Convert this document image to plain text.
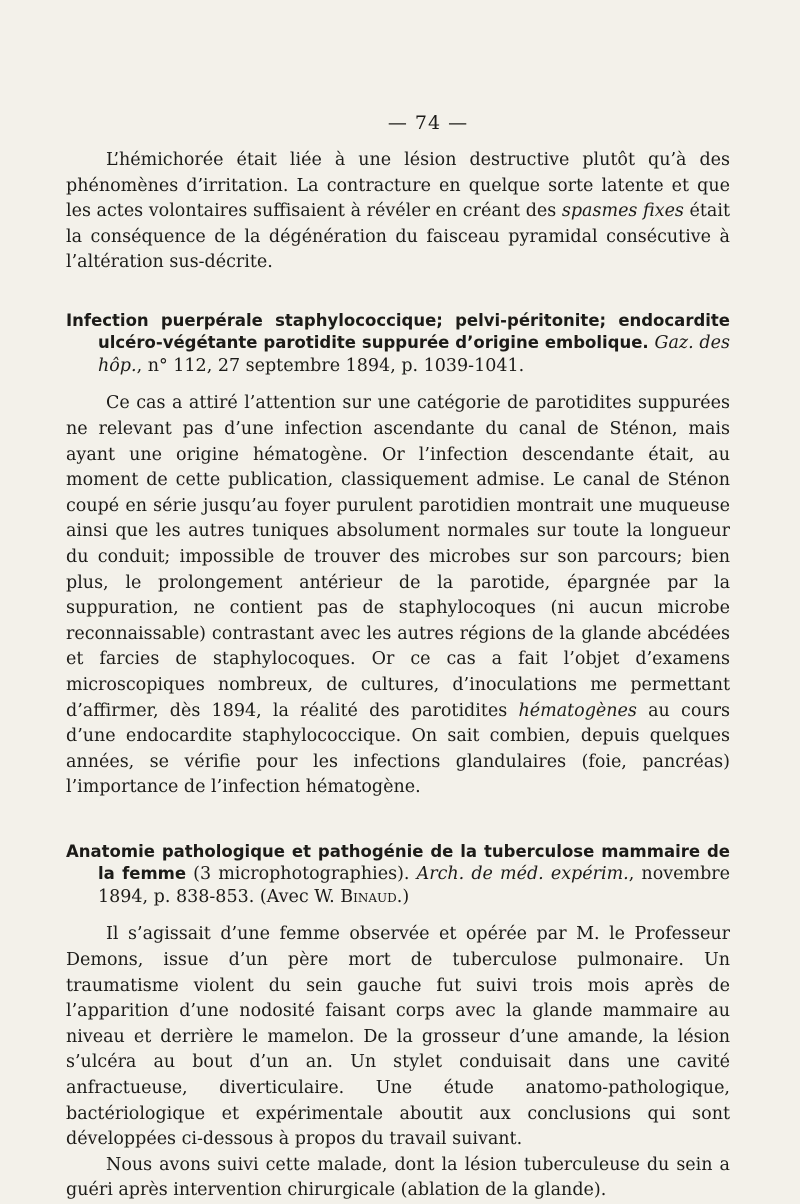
— 74 —

L’hémichorée était liée à une lésion destructive plutôt qu’à des phénomènes d’irritation. La contracture en quelque sorte latente et que les actes volontaires suffisaient à révéler en créant des spasmes fixes était la conséquence de la dégénération du faisceau pyramidal consécutive à l’altération sus-décrite.

Infection puerpérale staphylococcique; pelvi-péritonite; endocardite ulcéro-végétante parotidite suppurée d’origine embolique. Gaz. des hôp., n° 112, 27 septembre 1894, p. 1039-1041.

Ce cas a attiré l’attention sur une catégorie de parotidites suppurées ne relevant pas d’une infection ascendante du canal de Sténon, mais ayant une origine hématogène. Or l’infection descendante était, au moment de cette publication, classiquement admise. Le canal de Sténon coupé en série jusqu’au foyer purulent parotidien montrait une muqueuse ainsi que les autres tuniques absolument normales sur toute la longueur du conduit; impossible de trouver des microbes sur son parcours; bien plus, le prolongement antérieur de la parotide, épargnée par la suppuration, ne contient pas de staphylocoques (ni aucun microbe reconnaissable) contrastant avec les autres régions de la glande abcédées et farcies de staphylocoques. Or ce cas a fait l’objet d’examens microscopiques nombreux, de cultures, d’inoculations me permettant d’affirmer, dès 1894, la réalité des parotidites hématogènes au cours d’une endocardite staphylococcique. On sait combien, depuis quelques années, se vérifie pour les infections glandulaires (foie, pancréas) l’importance de l’infection hématogène.

Anatomie pathologique et pathogénie de la tuberculose mammaire de la femme (3 microphotographies). Arch. de méd. expérim., novembre 1894, p. 838-853. (Avec W. Binaud.)

Il s’agissait d’une femme observée et opérée par M. le Professeur Demons, issue d’un père mort de tuberculose pulmonaire. Un traumatisme violent du sein gauche fut suivi trois mois après de l’apparition d’une nodosité faisant corps avec la glande mammaire au niveau et derrière le mamelon. De la grosseur d’une amande, la lésion s’ulcéra au bout d’un an. Un stylet conduisait dans une cavité anfractueuse, diverticulaire. Une étude anatomo-pathologique, bactériologique et expérimentale aboutit aux conclusions qui sont développées ci-dessous à propos du travail suivant.

Nous avons suivi cette malade, dont la lésion tuberculeuse du sein a guéri après intervention chirurgicale (ablation de la glande).
